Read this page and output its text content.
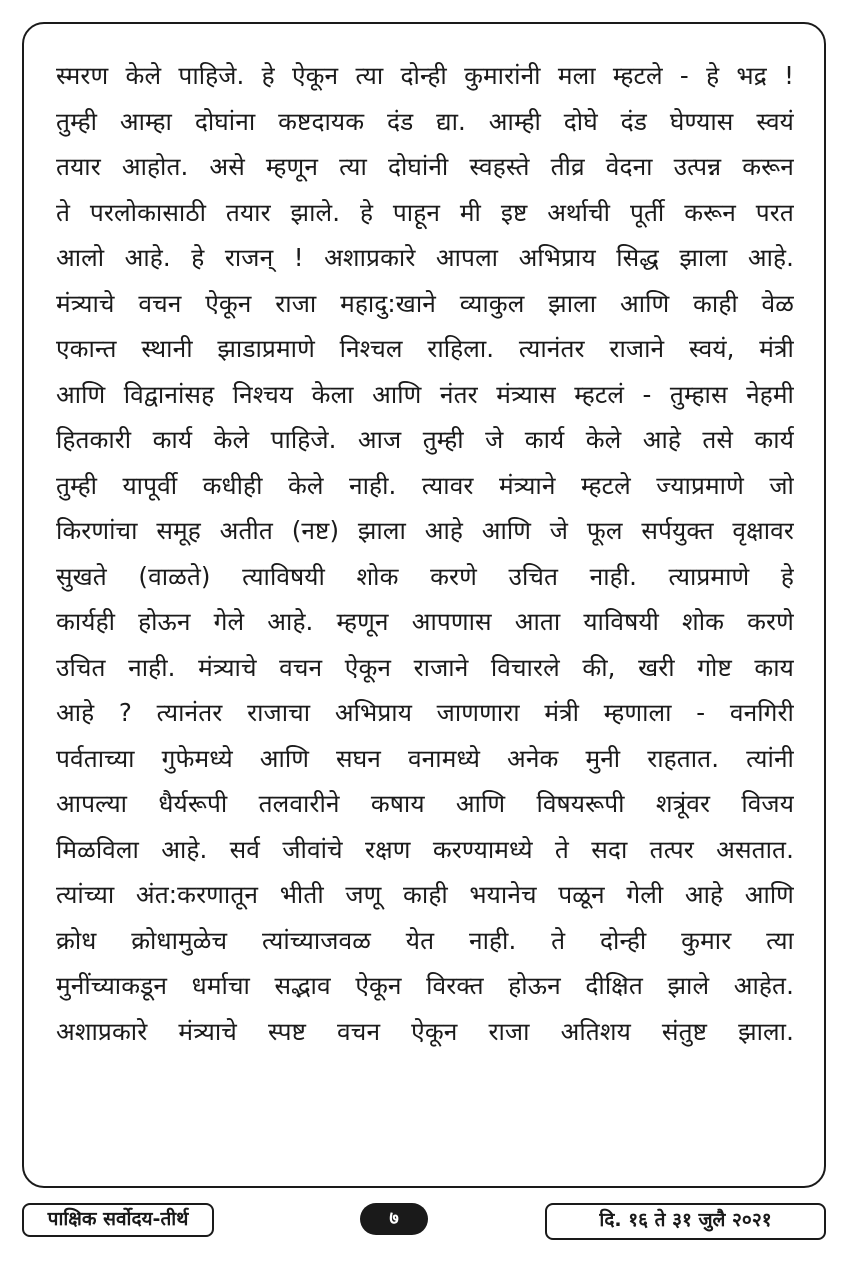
स्मरण केले पाहिजे. हे ऐकून त्या दोन्ही कुमारांनी मला म्हटले - हे भद्र !
तुम्ही आम्हा दोघांना कष्टदायक दंड द्या. आम्ही दोघे दंड घेण्यास स्वयं
तयार आहोत. असे म्हणून त्या दोघांनी स्वहस्ते तीव्र वेदना उत्पन्न करून
ते परलोकासाठी तयार झाले. हे पाहून मी इष्ट अर्थाची पूर्ती करून परत
आलो आहे. हे राजन् ! अशाप्रकारे आपला अभिप्राय सिद्ध झाला आहे.
मंत्र्याचे वचन ऐकून राजा महादु:खाने व्याकुल झाला आणि काही वेळ
एकान्त स्थानी झाडाप्रमाणे निश्चल राहिला. त्यानंतर राजाने स्वयं, मंत्री
आणि विद्वानांसह निश्चय केला आणि नंतर मंत्र्यास म्हटलं - तुम्हास नेहमी
हितकारी कार्य केले पाहिजे. आज तुम्ही जे कार्य केले आहे तसे कार्य
तुम्ही यापूर्वी कधीही केले नाही. त्यावर मंत्र्याने म्हटले ज्याप्रमाणे जो
किरणांचा समूह अतीत (नष्ट) झाला आहे आणि जे फूल सर्पयुक्त वृक्षावर
सुखते (वाळते) त्याविषयी शोक करणे उचित नाही. त्याप्रमाणे हे
कार्यही होऊन गेले आहे. म्हणून आपणास आता याविषयी शोक करणे
उचित नाही. मंत्र्याचे वचन ऐकून राजाने विचारले की, खरी गोष्ट काय
आहे ? त्यानंतर राजाचा अभिप्राय जाणणारा मंत्री म्हणाला - वनगिरी
पर्वताच्या गुफेमध्ये आणि सघन वनामध्ये अनेक मुनी राहतात. त्यांनी
आपल्या धैर्यरूपी तलवारीने कषाय आणि विषयरूपी शत्रूंवर विजय
मिळविला आहे. सर्व जीवांचे रक्षण करण्यामध्ये ते सदा तत्पर असतात.
त्यांच्या अंत:करणातून भीती जणू काही भयानेच पळून गेली आहे आणि
क्रोध क्रोधामुळेच त्यांच्याजवळ येत नाही. ते दोन्ही कुमार त्या
मुनींच्याकडून धर्माचा सद्भाव ऐकून विरक्त होऊन दीक्षित झाले आहेत.
अशाप्रकारे मंत्र्याचे स्पष्ट वचन ऐकून राजा अतिशय संतुष्ट झाला.
पाक्षिक सर्वोदय-तीर्थ	७	दि. १६ ते ३१ जुलै २०२१
